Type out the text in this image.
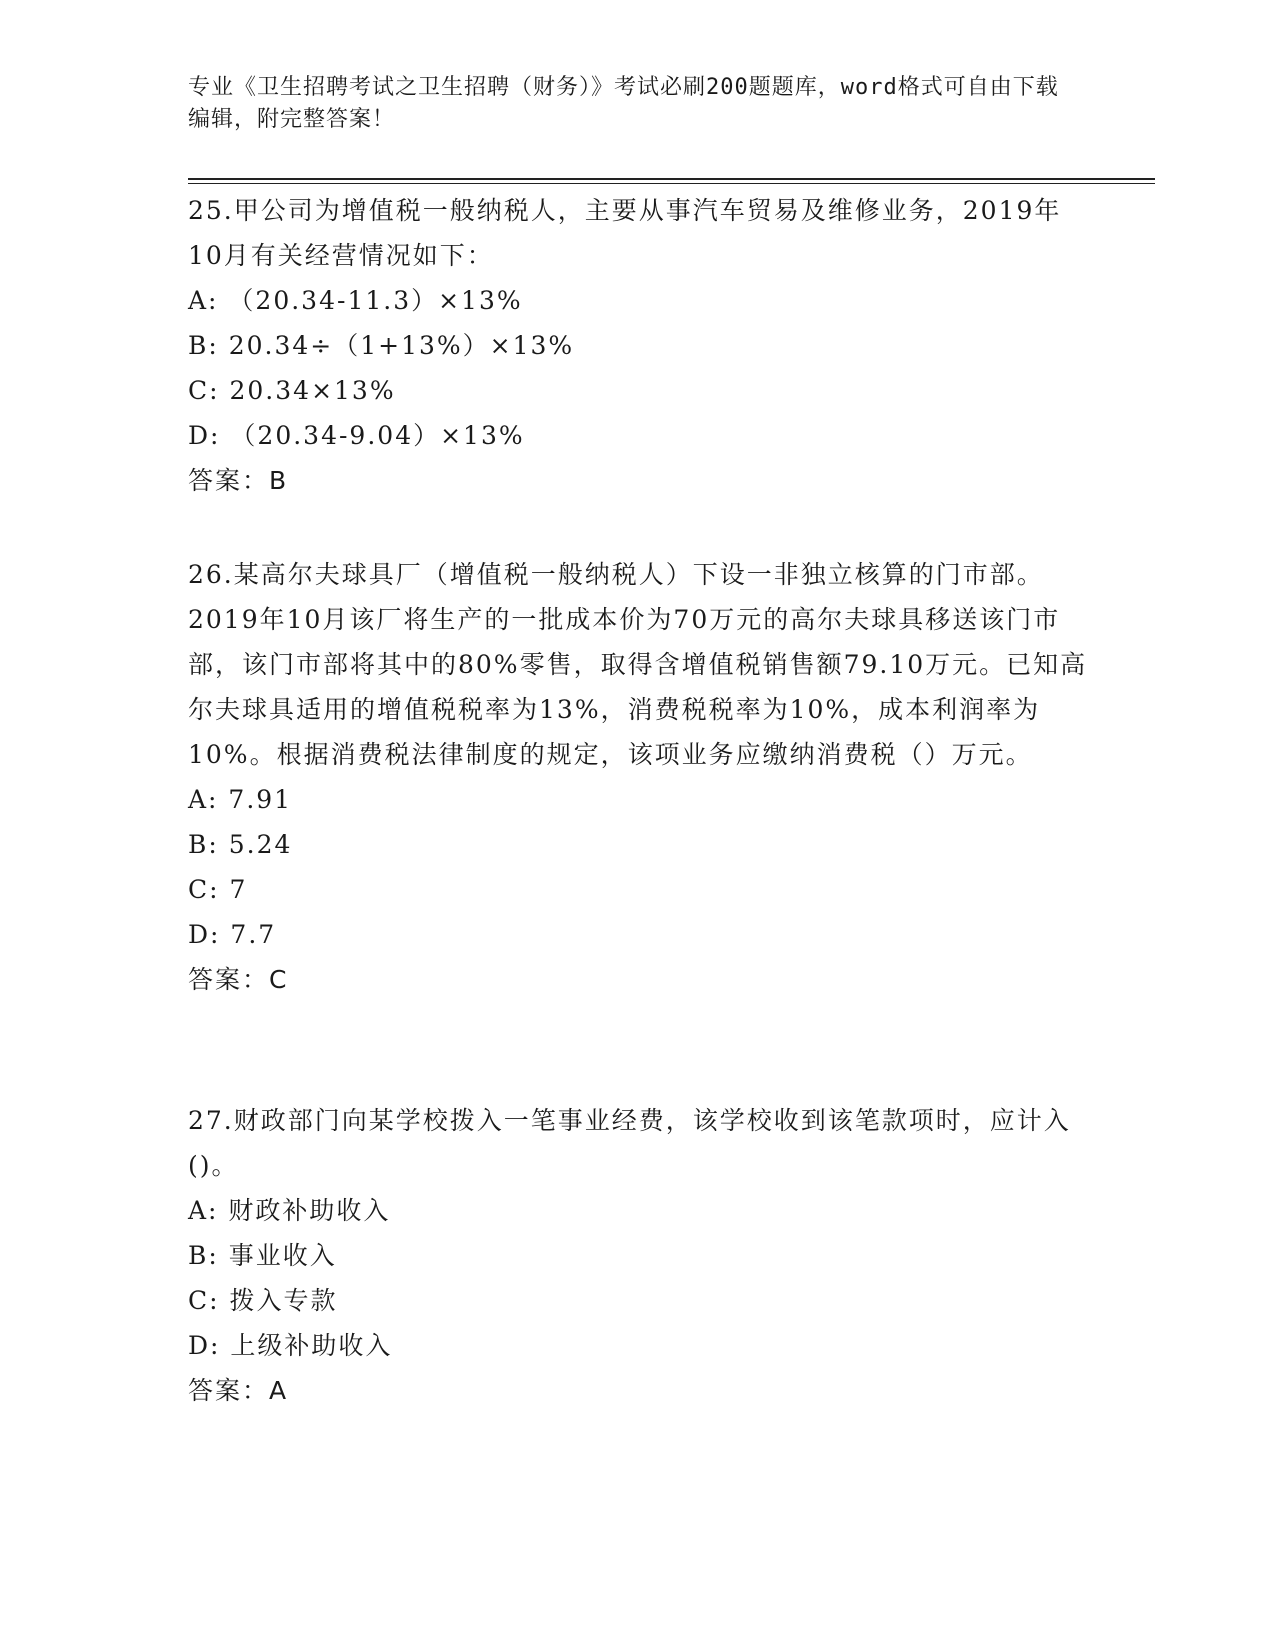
专业《卫生招聘考试之卫生招聘（财务）》考试必刷200题题库，word格式可自由下载编辑，附完整答案！

25.甲公司为增值税一般纳税人，主要从事汽车贸易及维修业务，2019年10月有关经营情况如下：

A: （20.34-11.3）×13%

B: 20.34÷（1+13%）×13%

C: 20.34×13%

D: （20.34-9.04）×13%

答案：B

26.某高尔夫球具厂（增值税一般纳税人）下设一非独立核算的门市部。2019年10月该厂将生产的一批成本价为70万元的高尔夫球具移送该门市部，该门市部将其中的80%零售，取得含增值税销售额79.10万元。已知高尔夫球具适用的增值税税率为13%，消费税税率为10%，成本利润率为10%。根据消费税法律制度的规定，该项业务应缴纳消费税（）万元。

A: 7.91

B: 5.24

C: 7

D: 7.7

答案：C

27.财政部门向某学校拨入一笔事业经费，该学校收到该笔款项时，应计入()。

A: 财政补助收入

B: 事业收入

C: 拨入专款

D: 上级补助收入

答案：A
